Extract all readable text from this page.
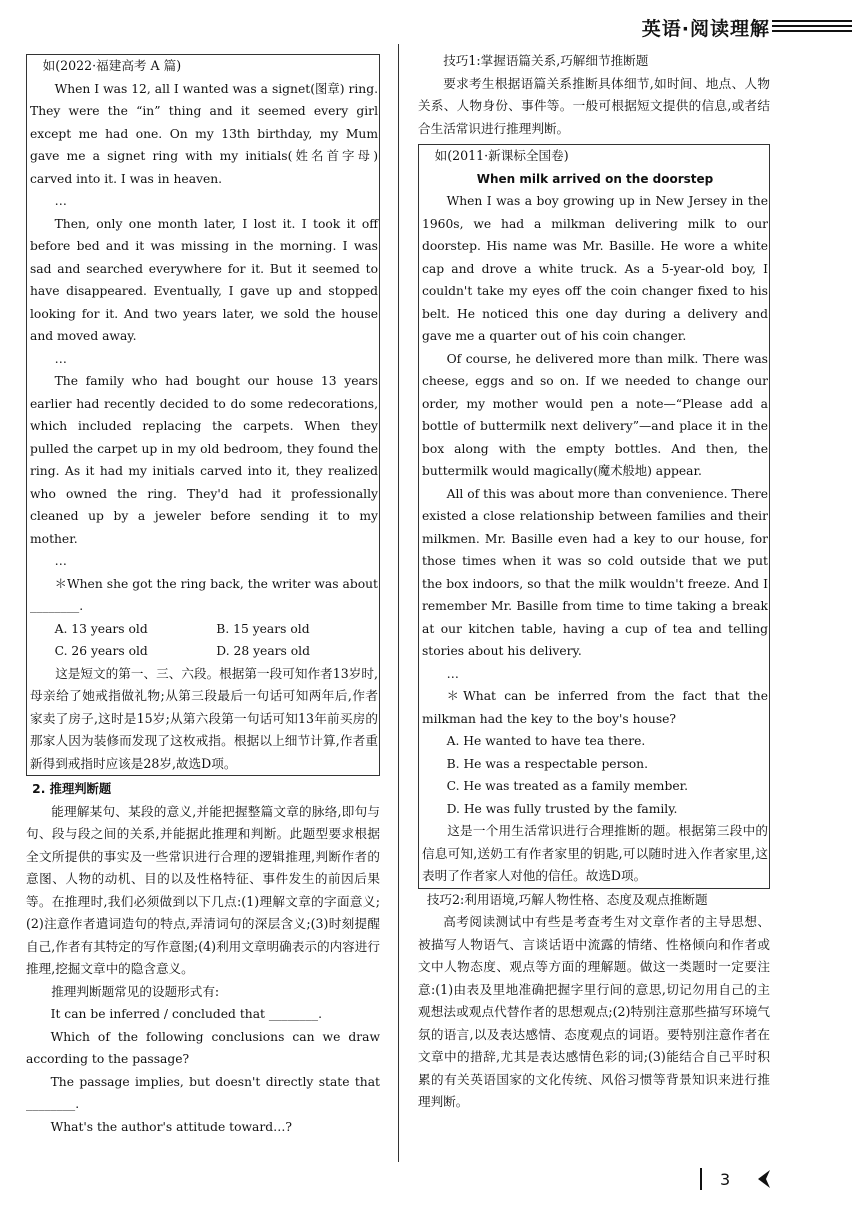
英语·阅读理解

如(2022·福建高考 A 篇)

When I was 12, all I wanted was a signet(图章) ring. They were the “in” thing and it seemed every girl except me had one. On my 13th birthday, my Mum gave me a signet ring with my initials(姓名首字母) carved into it. I was in heaven.

…

Then, only one month later, I lost it. I took it off before bed and it was missing in the morning. I was sad and searched everywhere for it. But it seemed to have disappeared. Eventually, I gave up and stopped looking for it. And two years later, we sold the house and moved away.

…

The family who had bought our house 13 years earlier had recently decided to do some redecorations, which included replacing the carpets. When they pulled the carpet up in my old bedroom, they found the ring. As it had my initials carved into it, they realized who owned the ring. They'd had it professionally cleaned up by a jeweler before sending it to my mother.

…

＊When she got the ring back, the writer was about ________.

A. 13 years old	B. 15 years old
C. 26 years old	D. 28 years old

这是短文的第一、三、六段。根据第一段可知作者13岁时,母亲给了她戒指做礼物;从第三段最后一句话可知两年后,作者家卖了房子,这时是15岁;从第六段第一句话可知13年前买房的那家人因为装修而发现了这枚戒指。根据以上细节计算,作者重新得到戒指时应该是28岁,故选D项。

2. 推理判断题

能理解某句、某段的意义,并能把握整篇文章的脉络,即句与句、段与段之间的关系,并能据此推理和判断。此题型要求根据全文所提供的事实及一些常识进行合理的逻辑推理,判断作者的意图、人物的动机、目的以及性格特征、事件发生的前因后果等。在推理时,我们必须做到以下几点:(1)理解文章的字面意义;(2)注意作者遣词造句的特点,弄清词句的深层含义;(3)时刻提醒自己,作者有其特定的写作意图;(4)利用文章明确表示的内容进行推理,挖掘文章中的隐含意义。

推理判断题常见的设题形式有:

It can be inferred / concluded that ________.

Which of the following conclusions can we draw according to the passage?

The passage implies, but doesn't directly state that ________.

What's the author's attitude toward…?

技巧1:掌握语篇关系,巧解细节推断题

要求考生根据语篇关系推断具体细节,如时间、地点、人物关系、人物身份、事件等。一般可根据短文提供的信息,或者结合生活常识进行推理判断。

如(2011·新课标全国卷)

When milk arrived on the doorstep

When I was a boy growing up in New Jersey in the 1960s, we had a milkman delivering milk to our doorstep. His name was Mr. Basille. He wore a white cap and drove a white truck. As a 5-year-old boy, I couldn't take my eyes off the coin changer fixed to his belt. He noticed this one day during a delivery and gave me a quarter out of his coin changer.

Of course, he delivered more than milk. There was cheese, eggs and so on. If we needed to change our order, my mother would pen a note—“Please add a bottle of buttermilk next delivery”—and place it in the box along with the empty bottles. And then, the buttermilk would magically(魔术般地) appear.

All of this was about more than convenience. There existed a close relationship between families and their milkmen. Mr. Basille even had a key to our house, for those times when it was so cold outside that we put the box indoors, so that the milk wouldn't freeze. And I remember Mr. Basille from time to time taking a break at our kitchen table, having a cup of tea and telling stories about his delivery.

…

＊What can be inferred from the fact that the milkman had the key to the boy's house?

A. He wanted to have tea there.

B. He was a respectable person.

C. He was treated as a family member.

D. He was fully trusted by the family.

这是一个用生活常识进行合理推断的题。根据第三段中的信息可知,送奶工有作者家里的钥匙,可以随时进入作者家里,这表明了作者家人对他的信任。故选D项。

技巧2:利用语境,巧解人物性格、态度及观点推断题

高考阅读测试中有些是考查考生对文章作者的主导思想、被描写人物语气、言谈话语中流露的情绪、性格倾向和作者或文中人物态度、观点等方面的理解题。做这一类题时一定要注意:(1)由表及里地准确把握字里行间的意思,切记勿用自己的主观想法或观点代替作者的思想观点;(2)特别注意那些描写环境气氛的语言,以及表达感情、态度观点的词语。要特别注意作者在文章中的措辞,尤其是表达感情色彩的词;(3)能结合自己平时积累的有关英语国家的文化传统、风俗习惯等背景知识来进行推理判断。

3
